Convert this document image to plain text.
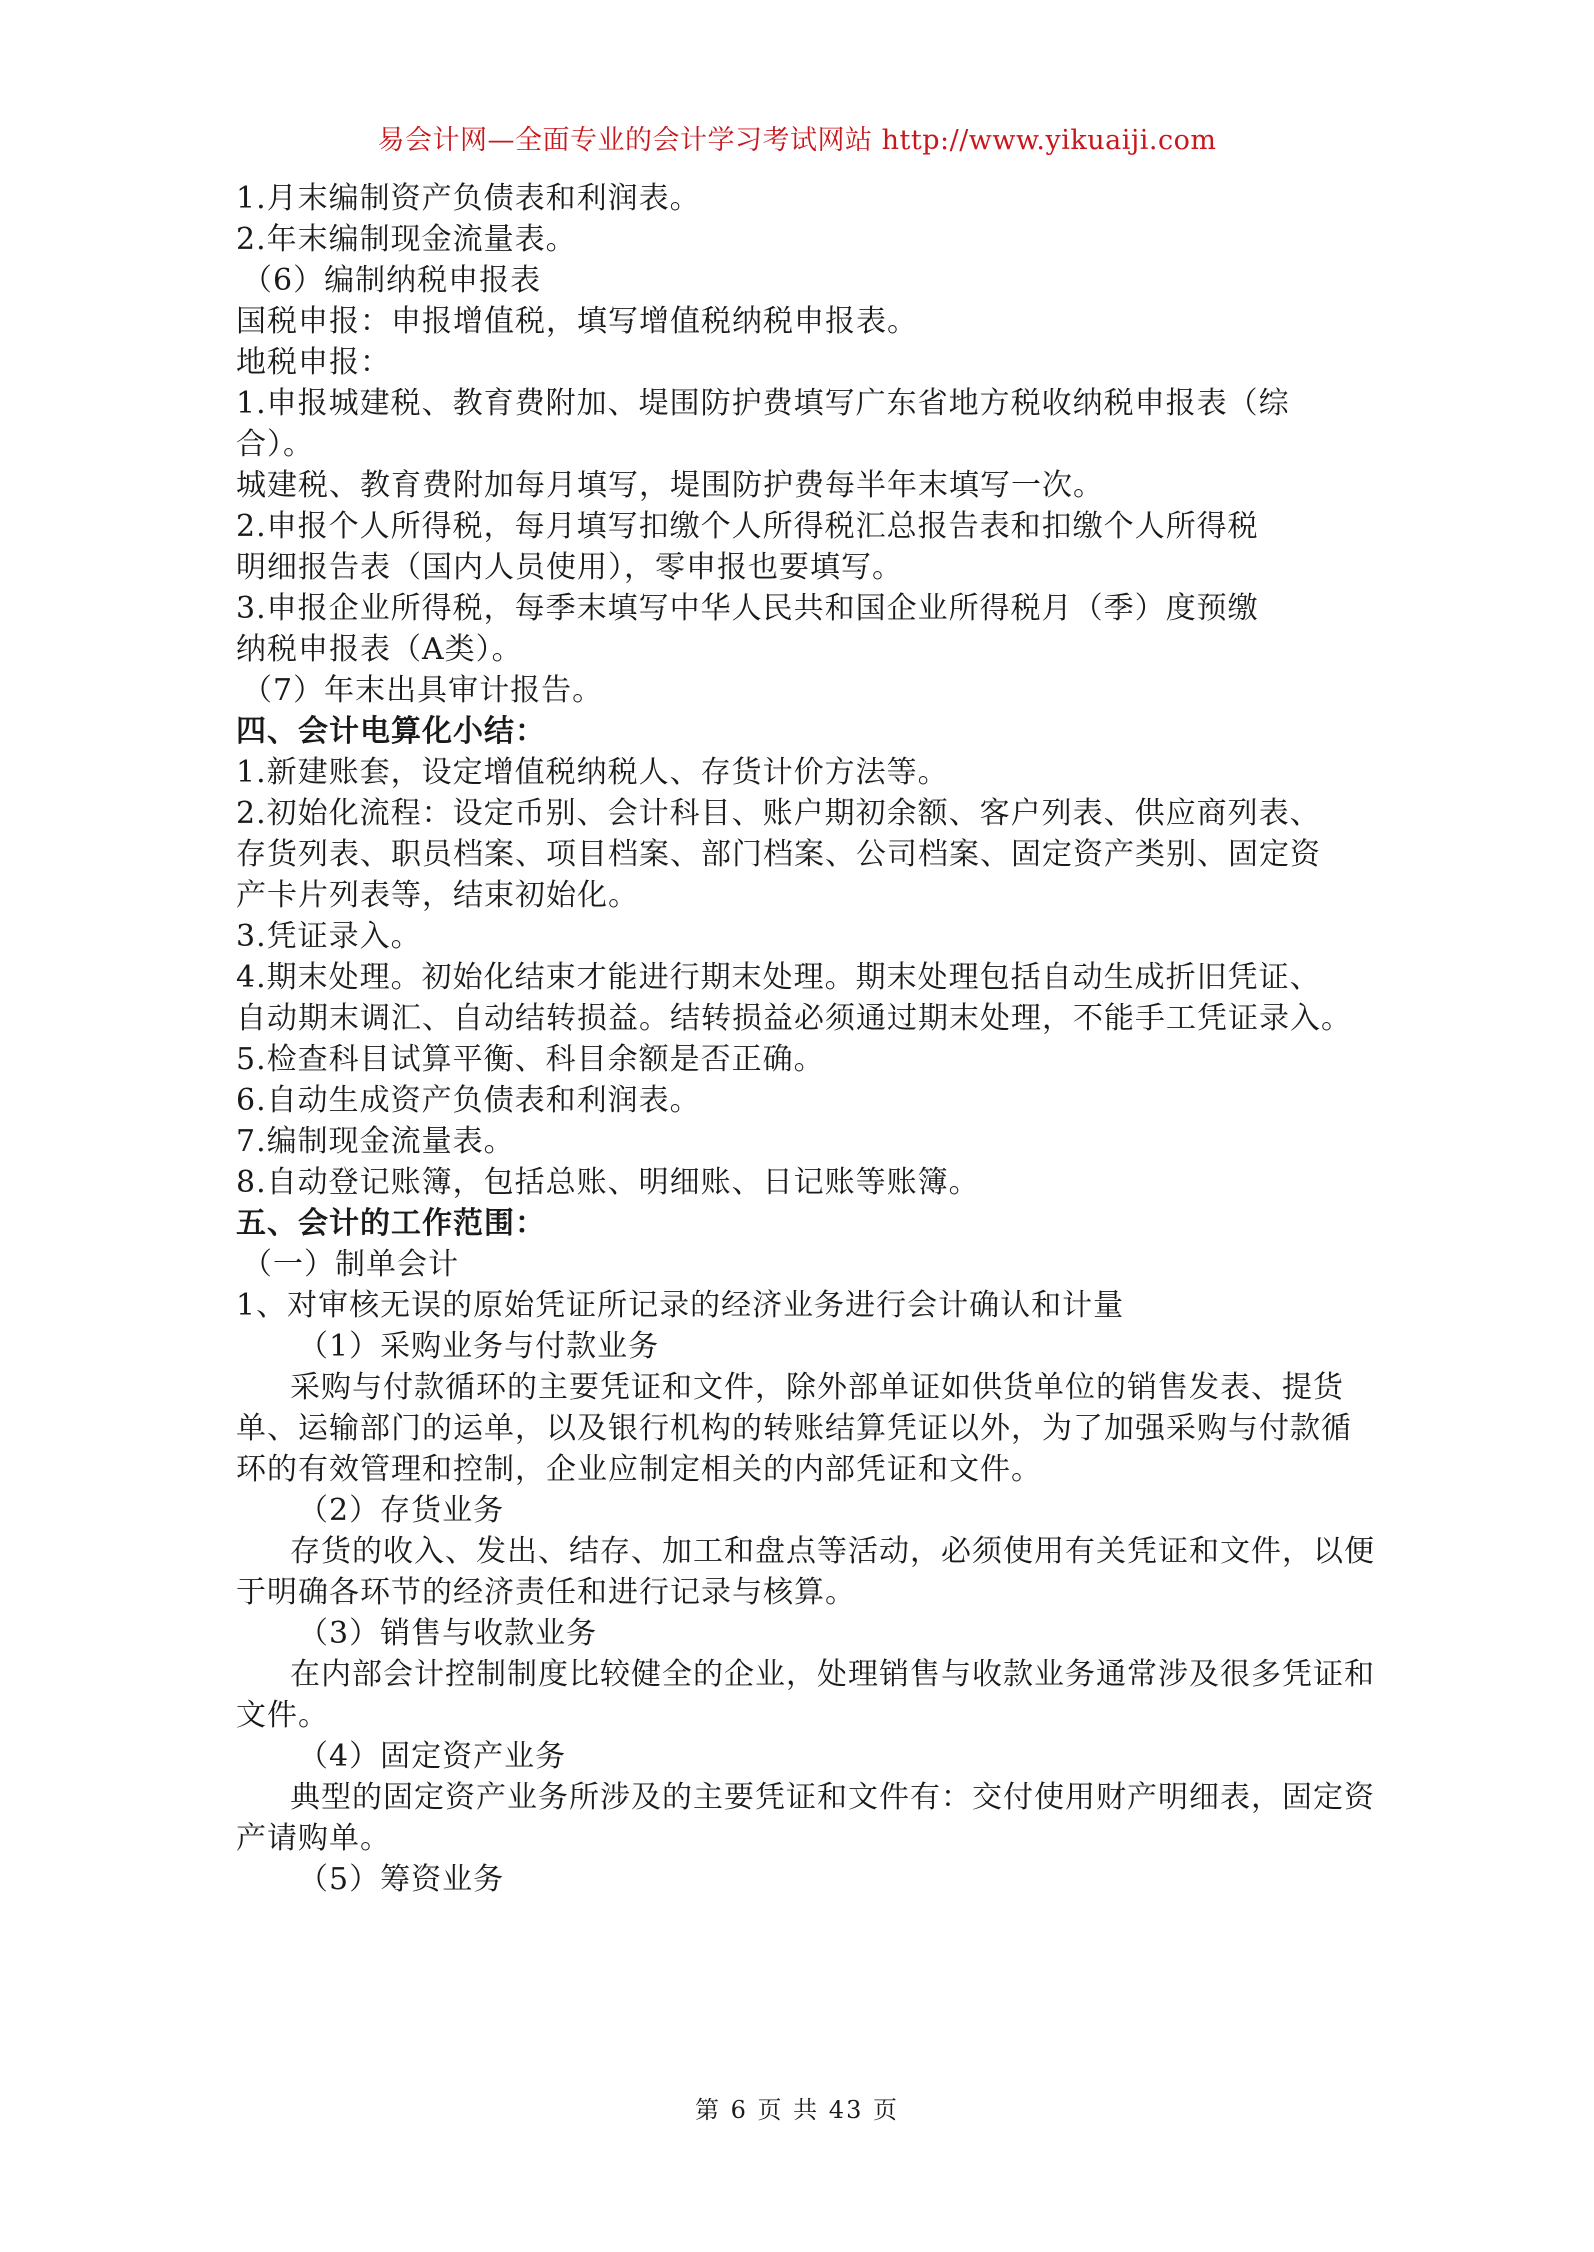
易会计网—全面专业的会计学习考试网站 http://www.yikuaiji.com
1.月末编制资产负债表和利润表。
2.年末编制现金流量表。
（6）编制纳税申报表
国税申报：申报增值税，填写增值税纳税申报表。
地税申报：
1.申报城建税、教育费附加、堤围防护费填写广东省地方税收纳税申报表（综
合）。
城建税、教育费附加每月填写，堤围防护费每半年末填写一次。
2.申报个人所得税，每月填写扣缴个人所得税汇总报告表和扣缴个人所得税
明细报告表（国内人员使用），零申报也要填写。
3.申报企业所得税，每季末填写中华人民共和国企业所得税月（季）度预缴
纳税申报表（A类）。
（7）年末出具审计报告。
四、会计电算化小结：
1.新建账套，设定增值税纳税人、存货计价方法等。
2.初始化流程：设定币别、会计科目、账户期初余额、客户列表、供应商列表、
存货列表、职员档案、项目档案、部门档案、公司档案、固定资产类别、固定资
产卡片列表等，结束初始化。
3.凭证录入。
4.期末处理。初始化结束才能进行期末处理。期末处理包括自动生成折旧凭证、
自动期末调汇、自动结转损益。结转损益必须通过期末处理，不能手工凭证录入。
5.检查科目试算平衡、科目余额是否正确。
6.自动生成资产负债表和利润表。
7.编制现金流量表。
8.自动登记账簿，包括总账、明细账、日记账等账簿。
五、会计的工作范围：
（一）制单会计
1、对审核无误的原始凭证所记录的经济业务进行会计确认和计量
（1）采购业务与付款业务
采购与付款循环的主要凭证和文件，除外部单证如供货单位的销售发表、提货单、运输部门的运单，以及银行机构的转账结算凭证以外，为了加强采购与付款循环的有效管理和控制，企业应制定相关的内部凭证和文件。
（2）存货业务
存货的收入、发出、结存、加工和盘点等活动，必须使用有关凭证和文件，以便于明确各环节的经济责任和进行记录与核算。
（3）销售与收款业务
在内部会计控制制度比较健全的企业，处理销售与收款业务通常涉及很多凭证和文件。
（4）固定资产业务
典型的固定资产业务所涉及的主要凭证和文件有：交付使用财产明细表，固定资产请购单。
（5）筹资业务
第 6 页 共 43 页
